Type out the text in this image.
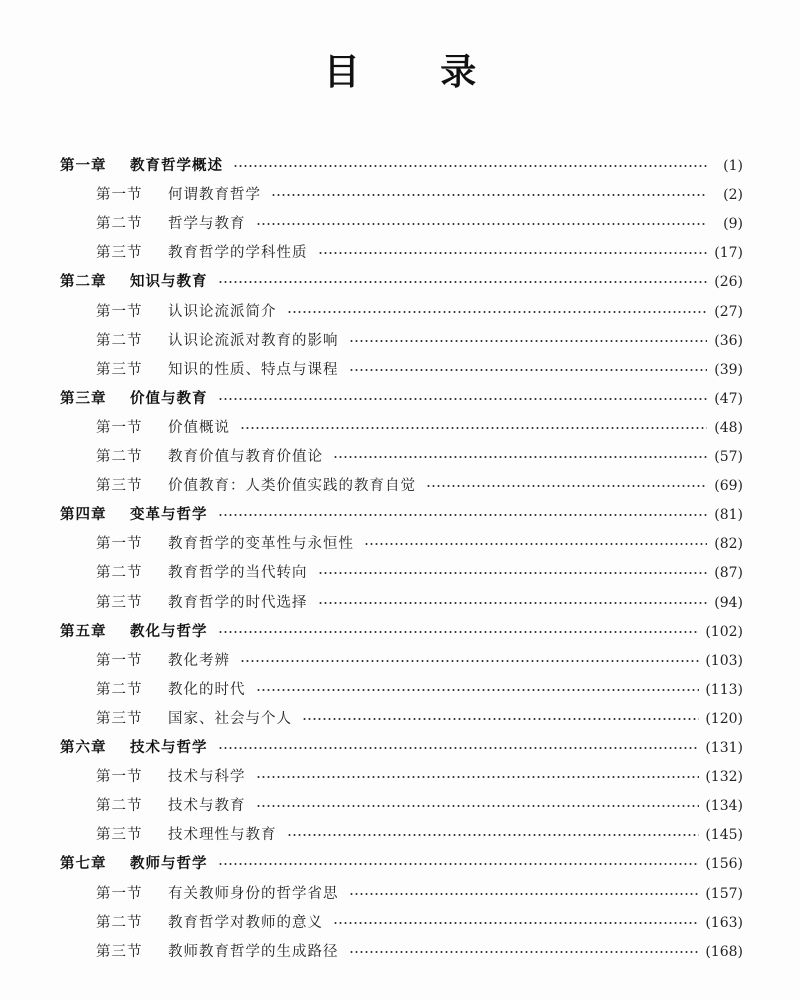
目 录
第一章	教育哲学概述	(1)
第一节	何谓教育哲学	(2)
第二节	哲学与教育	(9)
第三节	教育哲学的学科性质	(17)
第二章	知识与教育	(26)
第一节	认识论流派简介	(27)
第二节	认识论流派对教育的影响	(36)
第三节	知识的性质、特点与课程	(39)
第三章	价值与教育	(47)
第一节	价值概说	(48)
第二节	教育价值与教育价值论	(57)
第三节	价值教育：人类价值实践的教育自觉	(69)
第四章	变革与哲学	(81)
第一节	教育哲学的变革性与永恒性	(82)
第二节	教育哲学的当代转向	(87)
第三节	教育哲学的时代选择	(94)
第五章	教化与哲学	(102)
第一节	教化考辨	(103)
第二节	教化的时代	(113)
第三节	国家、社会与个人	(120)
第六章	技术与哲学	(131)
第一节	技术与科学	(132)
第二节	技术与教育	(134)
第三节	技术理性与教育	(145)
第七章	教师与哲学	(156)
第一节	有关教师身份的哲学省思	(157)
第二节	教育哲学对教师的意义	(163)
第三节	教师教育哲学的生成路径	(168)
